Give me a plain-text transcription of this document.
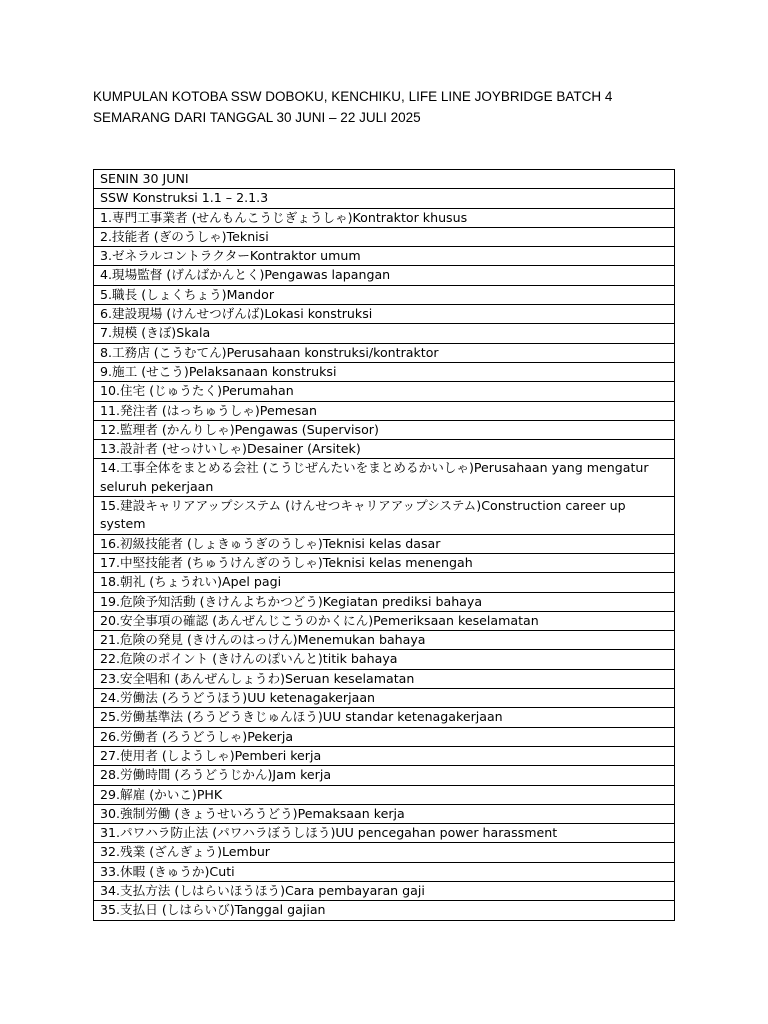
KUMPULAN KOTOBA SSW DOBOKU, KENCHIKU, LIFE LINE JOYBRIDGE BATCH 4
SEMARANG DARI TANGGAL 30 JUNI – 22 JULI 2025
SENIN 30 JUNI
SSW Konstruksi 1.1 – 2.1.3
1.専門工事業者 (せんもんこうじぎょうしゃ)Kontraktor khusus
2.技能者 (ぎのうしゃ)Teknisi
3.ゼネラルコントラクターKontraktor umum
4.現場監督 (げんばかんとく)Pengawas lapangan
5.職長 (しょくちょう)Mandor
6.建設現場 (けんせつげんば)Lokasi konstruksi
7.規模 (きぼ)Skala
8.工務店 (こうむてん)Perusahaan konstruksi/kontraktor
9.施工 (せこう)Pelaksanaan konstruksi
10.住宅 (じゅうたく)Perumahan
11.発注者 (はっちゅうしゃ)Pemesan
12.監理者 (かんりしゃ)Pengawas (Supervisor)
13.設計者 (せっけいしゃ)Desainer (Arsitek)
14.工事全体をまとめる会社 (こうじぜんたいをまとめるかいしゃ)Perusahaan yang mengatur seluruh pekerjaan
15.建設キャリアアップシステム (けんせつキャリアアップシステム)Construction career up system
16.初級技能者 (しょきゅうぎのうしゃ)Teknisi kelas dasar
17.中堅技能者 (ちゅうけんぎのうしゃ)Teknisi kelas menengah
18.朝礼 (ちょうれい)Apel pagi
19.危険予知活動 (きけんよちかつどう)Kegiatan prediksi bahaya
20.安全事項の確認 (あんぜんじこうのかくにん)Pemeriksaan keselamatan
21.危険の発見 (きけんのはっけん)Menemukan bahaya
22.危険のポイント (きけんのぽいんと)titik bahaya
23.安全唱和 (あんぜんしょうわ)Seruan keselamatan
24.労働法 (ろうどうほう)UU ketenagakerjaan
25.労働基準法 (ろうどうきじゅんほう)UU standar ketenagakerjaan
26.労働者 (ろうどうしゃ)Pekerja
27.使用者 (しようしゃ)Pemberi kerja
28.労働時間 (ろうどうじかん)Jam kerja
29.解雇 (かいこ)PHK
30.強制労働 (きょうせいろうどう)Pemaksaan kerja
31.パワハラ防止法 (パワハラぼうしほう)UU pencegahan power harassment
32.残業 (ざんぎょう)Lembur
33.休暇 (きゅうか)Cuti
34.支払方法 (しはらいほうほう)Cara pembayaran gaji
35.支払日 (しはらいび)Tanggal gajian
